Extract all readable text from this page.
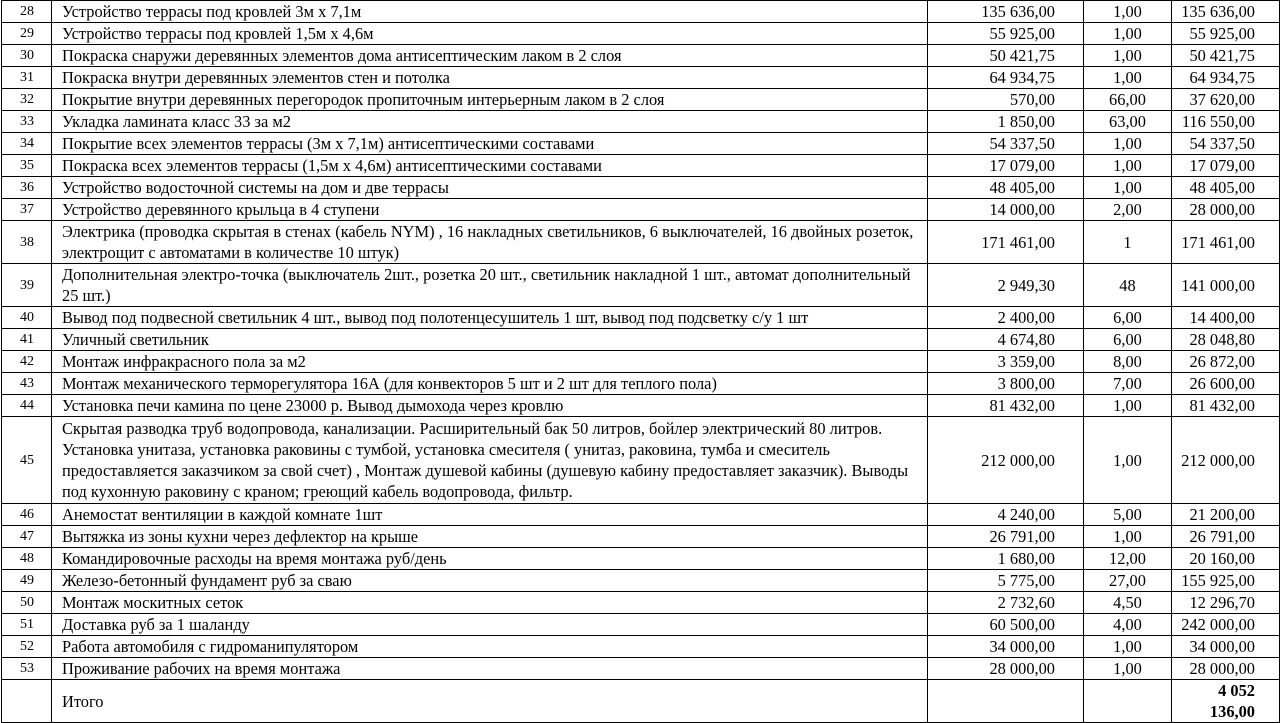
28	Устройство террасы под кровлей 3м х 7,1м	135 636,00	1,00	135 636,00
29	Устройство террасы под кровлей 1,5м х 4,6м	55 925,00	1,00	55 925,00
30	Покраска снаружи деревянных элементов дома антисептическим лаком в 2 слоя	50 421,75	1,00	50 421,75
31	Покраска внутри деревянных элементов стен и потолка	64 934,75	1,00	64 934,75
32	Покрытие внутри деревянных перегородок пропиточным интерьерным лаком в 2 слоя	570,00	66,00	37 620,00
33	Укладка ламината класс 33 за м2	1 850,00	63,00	116 550,00
34	Покрытие всех элементов террасы (3м х 7,1м) антисептическими составами	54 337,50	1,00	54 337,50
35	Покраска всех элементов террасы (1,5м х 4,6м) антисептическими составами	17 079,00	1,00	17 079,00
36	Устройство водосточной системы на дом и две террасы	48 405,00	1,00	48 405,00
37	Устройство деревянного крыльца в 4 ступени	14 000,00	2,00	28 000,00
38	Электрика (проводка скрытая в стенах (кабель NYM) , 16 накладных светильников, 6 выключателей, 16 двойных розеток, электрощит с автоматами в количестве 10 штук)	171 461,00	1	171 461,00
39	Дополнительная электро-точка (выключатель 2шт., розетка 20 шт., светильник накладной 1 шт., автомат дополнительный 25 шт.)	2 949,30	48	141 000,00
40	Вывод под подвесной светильник 4 шт., вывод под полотенцесушитель 1 шт, вывод под подсветку с/у 1 шт	2 400,00	6,00	14 400,00
41	Уличный светильник	4 674,80	6,00	28 048,80
42	Монтаж инфракрасного пола за м2	3 359,00	8,00	26 872,00
43	Монтаж механического терморегулятора 16А (для конвекторов 5 шт и 2 шт для теплого пола)	3 800,00	7,00	26 600,00
44	Установка печи камина по цене 23000 р. Вывод дымохода через кровлю	81 432,00	1,00	81 432,00
45	Скрытая разводка труб водопровода, канализации. Расширительный бак 50 литров, бойлер электрический 80 литров. Установка унитаза, установка раковины с тумбой, установка смесителя ( унитаз, раковина, тумба и смеситель предоставляется заказчиком за свой счет) , Монтаж душевой кабины (душевую кабину предоставляет заказчик). Выводы под кухонную раковину с краном; греющий кабель водопровода, фильтр.	212 000,00	1,00	212 000,00
46	Анемостат вентиляции в каждой комнате 1шт	4 240,00	5,00	21 200,00
47	Вытяжка из зоны кухни через дефлектор на крыше	26 791,00	1,00	26 791,00
48	Командировочные расходы на время монтажа руб/день	1 680,00	12,00	20 160,00
49	Железо-бетонный фундамент руб за сваю	5 775,00	27,00	155 925,00
50	Монтаж москитных сеток	2 732,60	4,50	12 296,70
51	Доставка руб за 1 шаланду	60 500,00	4,00	242 000,00
52	Работа автомобиля с гидроманипулятором	34 000,00	1,00	34 000,00
53	Проживание рабочих на время монтажа	28 000,00	1,00	28 000,00
	Итого			4 052 136,00
